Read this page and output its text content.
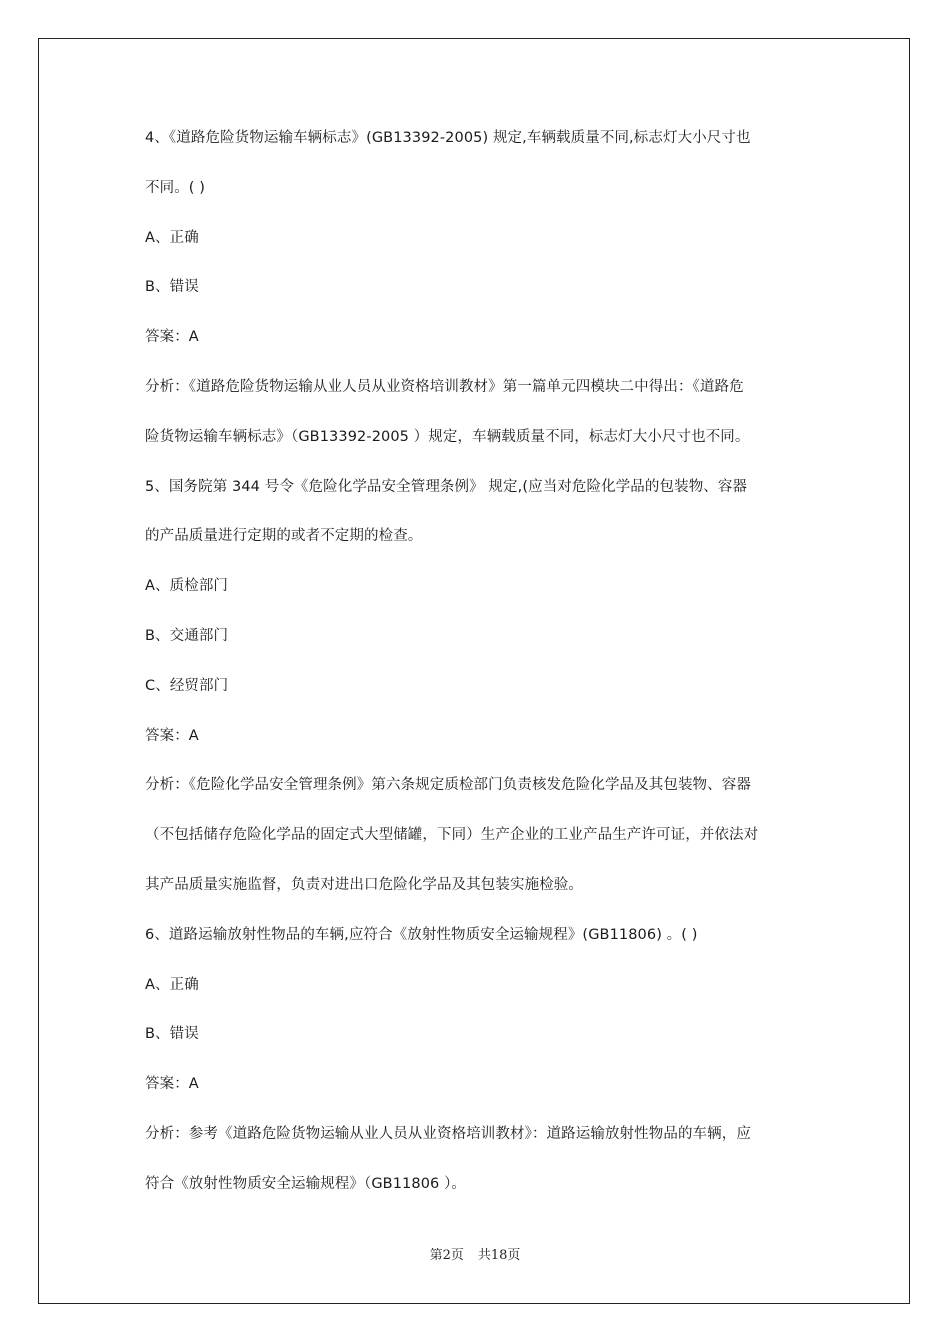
4、《道路危险货物运输车辆标志》(GB13392-2005) 规定,车辆载质量不同,标志灯大小尺寸也
不同。( )
A、正确
B、错误
答案：A
分析：《道路危险货物运输从业人员从业资格培训教材》第一篇单元四模块二中得出：《道路危
险货物运输车辆标志》（GB13392-2005 ）规定，车辆载质量不同，标志灯大小尺寸也不同。
5、国务院第 344 号令《危险化学品安全管理条例》 规定,(应当对危险化学品的包装物、容器
的产品质量进行定期的或者不定期的检查。
A、质检部门
B、交通部门
C、经贸部门
答案：A
分析：《危险化学品安全管理条例》第六条规定质检部门负责核发危险化学品及其包装物、容器
（不包括储存危险化学品的固定式大型储罐，下同）生产企业的工业产品生产许可证，并依法对
其产品质量实施监督，负责对进出口危险化学品及其包装实施检验。
6、道路运输放射性物品的车辆,应符合《放射性物质安全运输规程》(GB11806) 。( )
A、正确
B、错误
答案：A
分析：参考《道路危险货物运输从业人员从业资格培训教材》：道路运输放射性物品的车辆，应
符合《放射性物质安全运输规程》（GB11806 ）。
第2页 共18页
